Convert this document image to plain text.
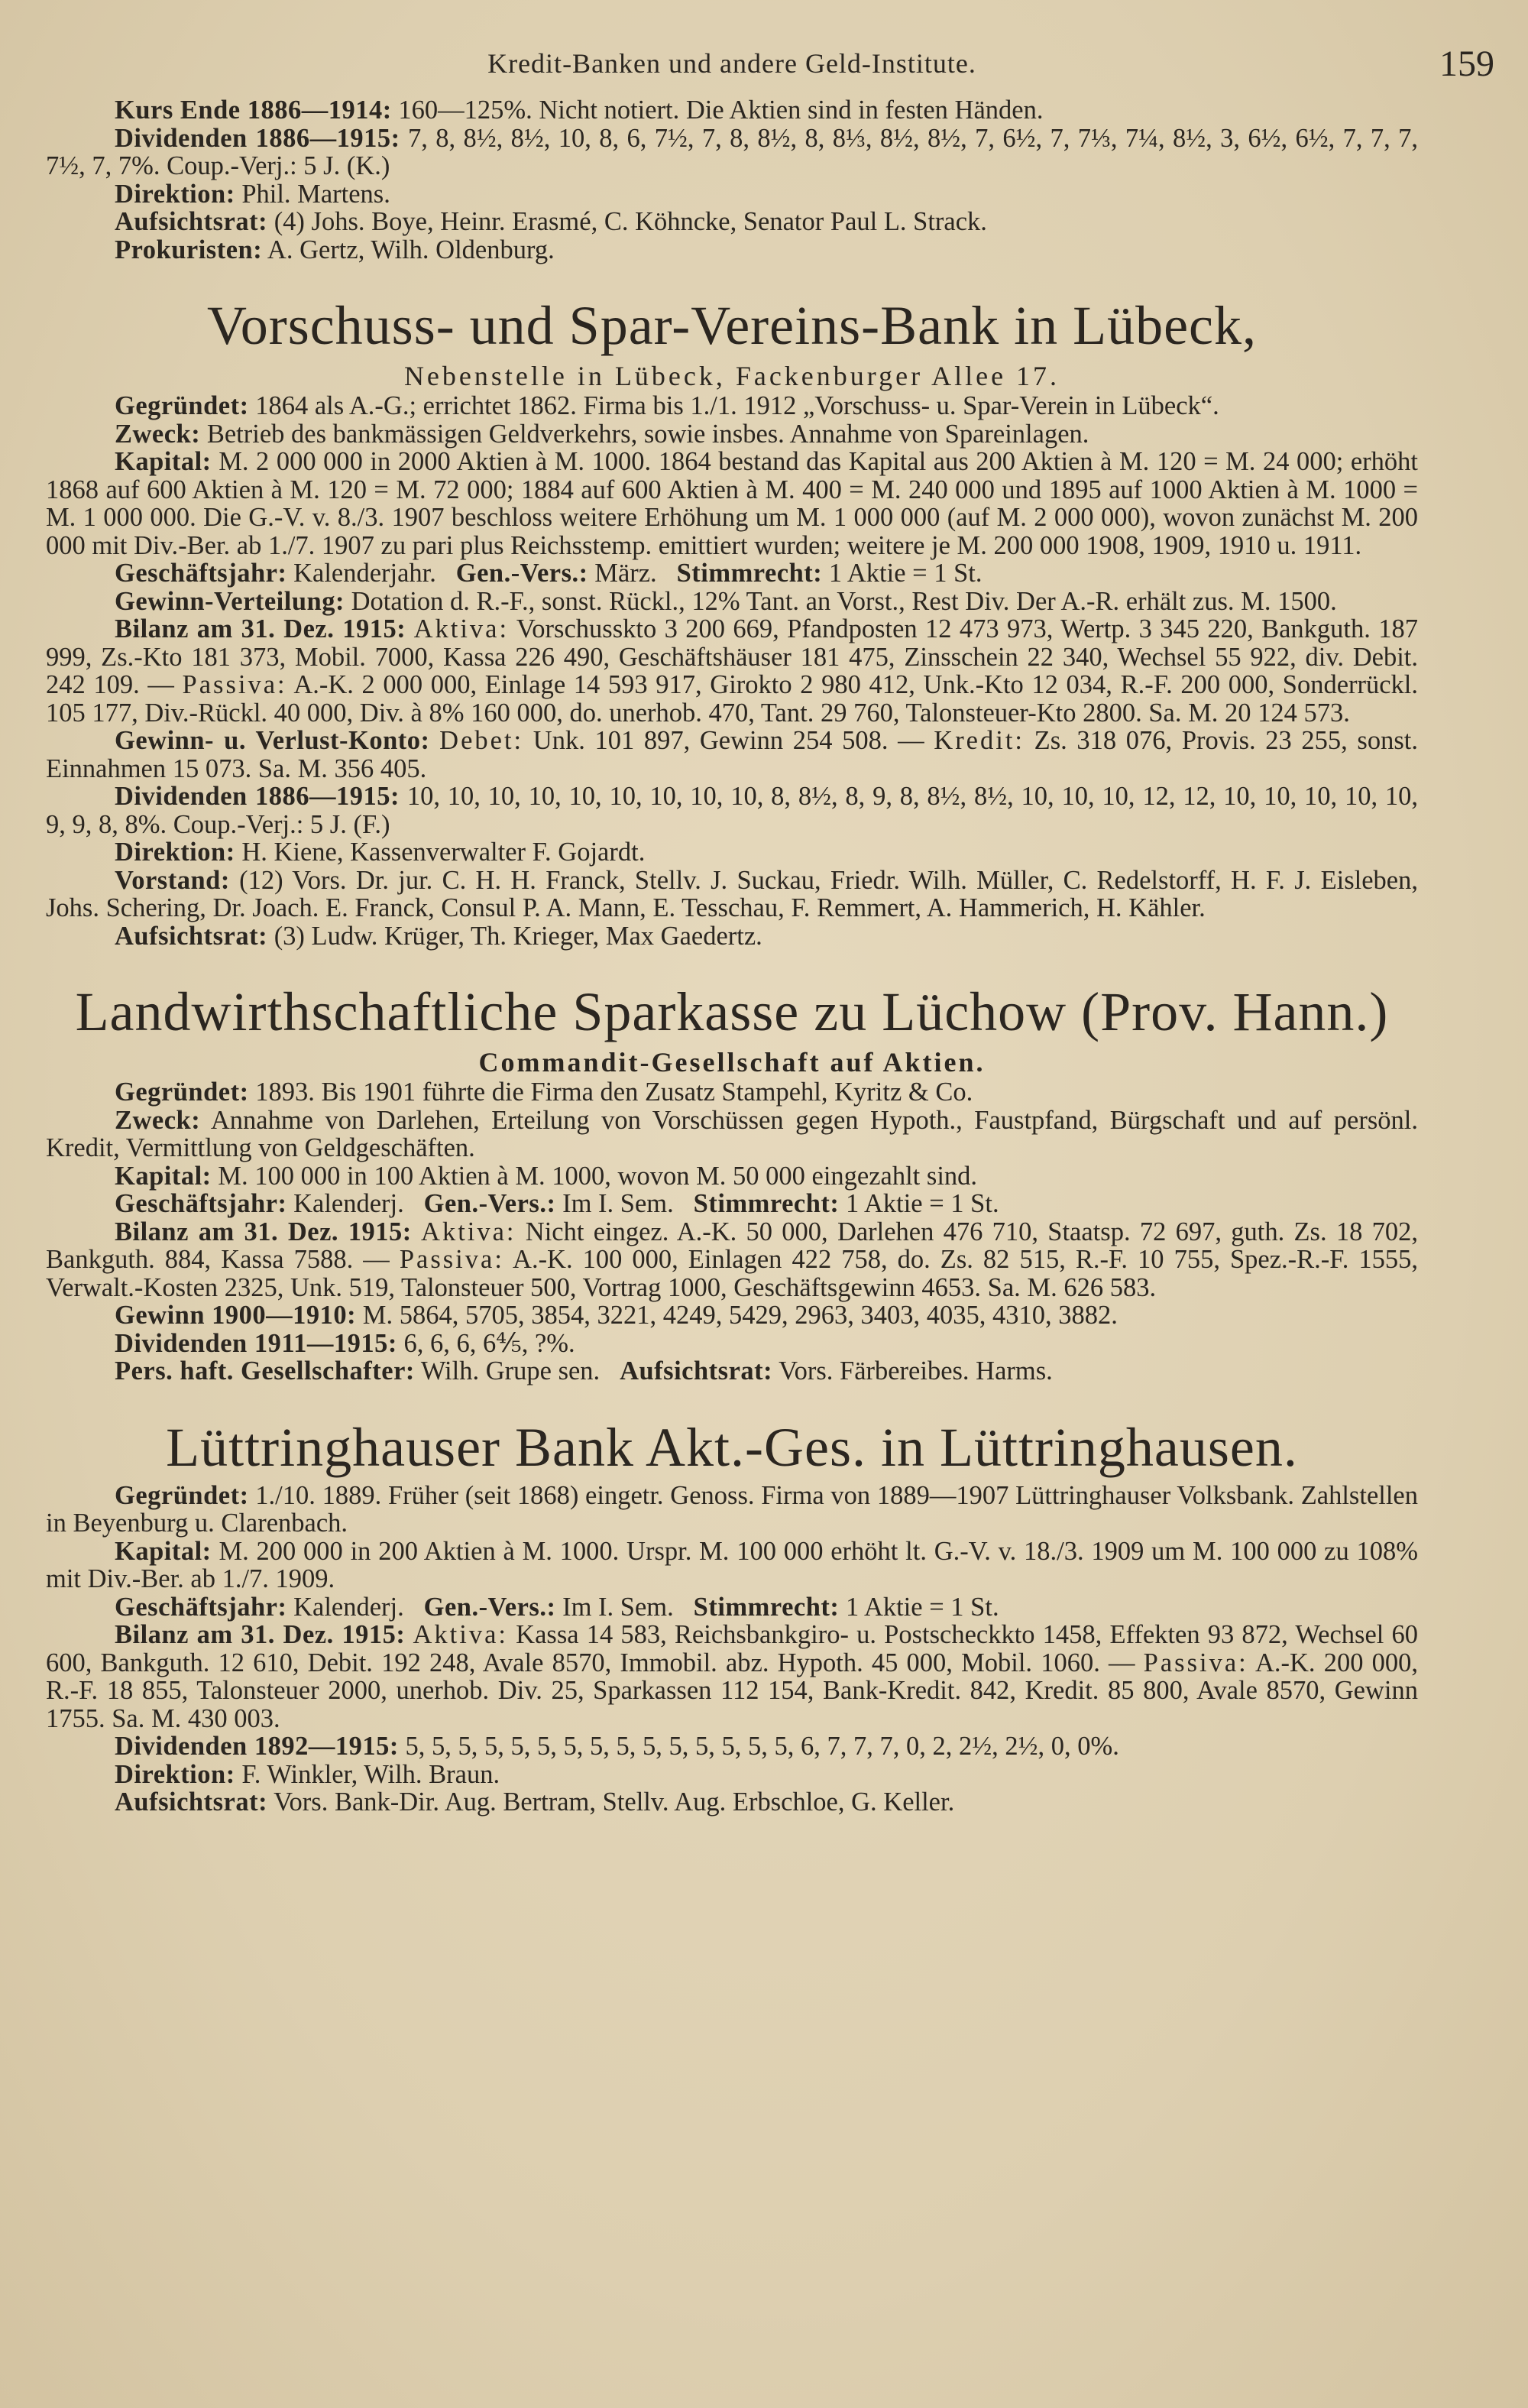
Kredit-Banken und andere Geld-Institute.	159

Kurs Ende 1886—1914: 160—125%. Nicht notiert. Die Aktien sind in festen Händen.

Dividenden 1886—1915: 7, 8, 8½, 8½, 10, 8, 6, 7½, 7, 8, 8½, 8, 8⅓, 8½, 8½, 7, 6½, 7, 7⅓, 7¼, 8½, 3, 6½, 6½, 7, 7, 7, 7½, 7, 7%. Coup.-Verj.: 5 J. (K.)

Direktion: Phil. Martens.

Aufsichtsrat: (4) Johs. Boye, Heinr. Erasmé, C. Köhncke, Senator Paul L. Strack.

Prokuristen: A. Gertz, Wilh. Oldenburg.

Vorschuss- und Spar-Vereins-Bank in Lübeck,
Nebenstelle in Lübeck, Fackenburger Allee 17.

Gegründet: 1864 als A.-G.; errichtet 1862. Firma bis 1./1. 1912 „Vorschuss- u. Spar-Verein in Lübeck“.

Zweck: Betrieb des bankmässigen Geldverkehrs, sowie insbes. Annahme von Spareinlagen.

Kapital: M. 2 000 000 in 2000 Aktien à M. 1000. 1864 bestand das Kapital aus 200 Aktien à M. 120 = M. 24 000; erhöht 1868 auf 600 Aktien à M. 120 = M. 72 000; 1884 auf 600 Aktien à M. 400 = M. 240 000 und 1895 auf 1000 Aktien à M. 1000 = M. 1 000 000. Die G.-V. v. 8./3. 1907 beschloss weitere Erhöhung um M. 1 000 000 (auf M. 2 000 000), wovon zunächst M. 200 000 mit Div.-Ber. ab 1./7. 1907 zu pari plus Reichsstemp. emittiert wurden; weitere je M. 200 000 1908, 1909, 1910 u. 1911.

Geschäftsjahr: Kalenderjahr. Gen.-Vers.: März. Stimmrecht: 1 Aktie = 1 St.

Gewinn-Verteilung: Dotation d. R.-F., sonst. Rückl., 12% Tant. an Vorst., Rest Div. Der A.-R. erhält zus. M. 1500.

Bilanz am 31. Dez. 1915: Aktiva: Vorschusskto 3 200 669, Pfandposten 12 473 973, Wertp. 3 345 220, Bankguth. 187 999, Zs.-Kto 181 373, Mobil. 7000, Kassa 226 490, Geschäftshäuser 181 475, Zinsschein 22 340, Wechsel 55 922, div. Debit. 242 109. — Passiva: A.-K. 2 000 000, Einlage 14 593 917, Girokto 2 980 412, Unk.-Kto 12 034, R.-F. 200 000, Sonderrückl. 105 177, Div.-Rückl. 40 000, Div. à 8% 160 000, do. unerhob. 470, Tant. 29 760, Talonsteuer-Kto 2800. Sa. M. 20 124 573.

Gewinn- u. Verlust-Konto: Debet: Unk. 101 897, Gewinn 254 508. — Kredit: Zs. 318 076, Provis. 23 255, sonst. Einnahmen 15 073. Sa. M. 356 405.

Dividenden 1886—1915: 10, 10, 10, 10, 10, 10, 10, 10, 10, 8, 8½, 8, 9, 8, 8½, 8½, 10, 10, 10, 12, 12, 10, 10, 10, 10, 10, 9, 9, 8, 8%. Coup.-Verj.: 5 J. (F.)

Direktion: H. Kiene, Kassenverwalter F. Gojardt.

Vorstand: (12) Vors. Dr. jur. C. H. H. Franck, Stellv. J. Suckau, Friedr. Wilh. Müller, C. Redelstorff, H. F. J. Eisleben, Johs. Schering, Dr. Joach. E. Franck, Consul P. A. Mann, E. Tesschau, F. Remmert, A. Hammerich, H. Kähler.

Aufsichtsrat: (3) Ludw. Krüger, Th. Krieger, Max Gaedertz.

Landwirthschaftliche Sparkasse zu Lüchow (Prov. Hann.)
Commandit-Gesellschaft auf Aktien.

Gegründet: 1893. Bis 1901 führte die Firma den Zusatz Stampehl, Kyritz & Co.

Zweck: Annahme von Darlehen, Erteilung von Vorschüssen gegen Hypoth., Faustpfand, Bürgschaft und auf persönl. Kredit, Vermittlung von Geldgeschäften.

Kapital: M. 100 000 in 100 Aktien à M. 1000, wovon M. 50 000 eingezahlt sind.

Geschäftsjahr: Kalenderj. Gen.-Vers.: Im I. Sem. Stimmrecht: 1 Aktie = 1 St.

Bilanz am 31. Dez. 1915: Aktiva: Nicht eingez. A.-K. 50 000, Darlehen 476 710, Staatsp. 72 697, guth. Zs. 18 702, Bankguth. 884, Kassa 7588. — Passiva: A.-K. 100 000, Einlagen 422 758, do. Zs. 82 515, R.-F. 10 755, Spez.-R.-F. 1555, Verwalt.-Kosten 2325, Unk. 519, Talonsteuer 500, Vortrag 1000, Geschäftsgewinn 4653. Sa. M. 626 583.

Gewinn 1900—1910: M. 5864, 5705, 3854, 3221, 4249, 5429, 2963, 3403, 4035, 4310, 3882.

Dividenden 1911—1915: 6, 6, 6, 6⅘, ?%.

Pers. haft. Gesellschafter: Wilh. Grupe sen. Aufsichtsrat: Vors. Färbereibes. Harms.

Lüttringhauser Bank Akt.-Ges. in Lüttringhausen.

Gegründet: 1./10. 1889. Früher (seit 1868) eingetr. Genoss. Firma von 1889—1907 Lüttringhauser Volksbank. Zahlstellen in Beyenburg u. Clarenbach.

Kapital: M. 200 000 in 200 Aktien à M. 1000. Urspr. M. 100 000 erhöht lt. G.-V. v. 18./3. 1909 um M. 100 000 zu 108% mit Div.-Ber. ab 1./7. 1909.

Geschäftsjahr: Kalenderj. Gen.-Vers.: Im I. Sem. Stimmrecht: 1 Aktie = 1 St.

Bilanz am 31. Dez. 1915: Aktiva: Kassa 14 583, Reichsbankgiro- u. Postscheckkto 1458, Effekten 93 872, Wechsel 60 600, Bankguth. 12 610, Debit. 192 248, Avale 8570, Immobil. abz. Hypoth. 45 000, Mobil. 1060. — Passiva: A.-K. 200 000, R.-F. 18 855, Talonsteuer 2000, unerhob. Div. 25, Sparkassen 112 154, Bank-Kredit. 842, Kredit. 85 800, Avale 8570, Gewinn 1755. Sa. M. 430 003.

Dividenden 1892—1915: 5, 5, 5, 5, 5, 5, 5, 5, 5, 5, 5, 5, 5, 5, 5, 6, 7, 7, 7, 0, 2, 2½, 2½, 0, 0%.

Direktion: F. Winkler, Wilh. Braun.

Aufsichtsrat: Vors. Bank-Dir. Aug. Bertram, Stellv. Aug. Erbschloe, G. Keller.
